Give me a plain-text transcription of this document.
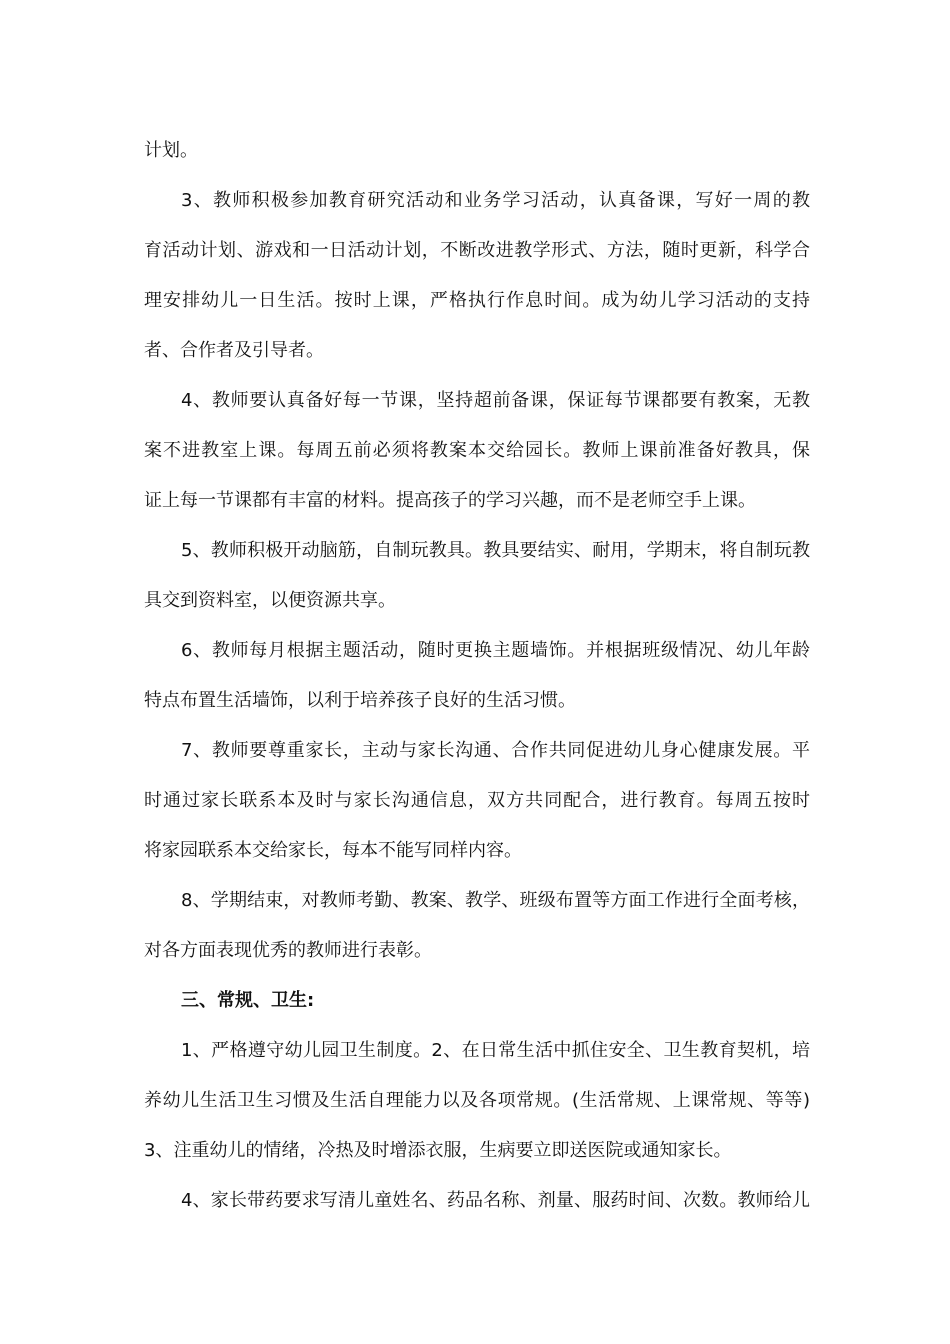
计划。
3、教师积极参加教育研究活动和业务学习活动，认真备课，写好一周的教
育活动计划、游戏和一日活动计划，不断改进教学形式、方法，随时更新，科学合
理安排幼儿一日生活。按时上课，严格执行作息时间。成为幼儿学习活动的支持
者、合作者及引导者。
4、教师要认真备好每一节课，坚持超前备课，保证每节课都要有教案，无教
案不进教室上课。每周五前必须将教案本交给园长。教师上课前准备好教具，保
证上每一节课都有丰富的材料。提高孩子的学习兴趣，而不是老师空手上课。
5、教师积极开动脑筋，自制玩教具。教具要结实、耐用，学期末，将自制玩教
具交到资料室，以便资源共享。
6、教师每月根据主题活动，随时更换主题墙饰。并根据班级情况、幼儿年龄
特点布置生活墙饰，以利于培养孩子良好的生活习惯。
7、教师要尊重家长，主动与家长沟通、合作共同促进幼儿身心健康发展。平
时通过家长联系本及时与家长沟通信息，双方共同配合，进行教育。每周五按时
将家园联系本交给家长，每本不能写同样内容。
8、学期结束，对教师考勤、教案、教学、班级布置等方面工作进行全面考核，
对各方面表现优秀的教师进行表彰。
三、常规、卫生:
1、严格遵守幼儿园卫生制度。2、在日常生活中抓住安全、卫生教育契机，培
养幼儿生活卫生习惯及生活自理能力以及各项常规。(生活常规、上课常规、等等)
3、注重幼儿的情绪，冷热及时增添衣服，生病要立即送医院或通知家长。
4、家长带药要求写清儿童姓名、药品名称、剂量、服药时间、次数。教师给儿
